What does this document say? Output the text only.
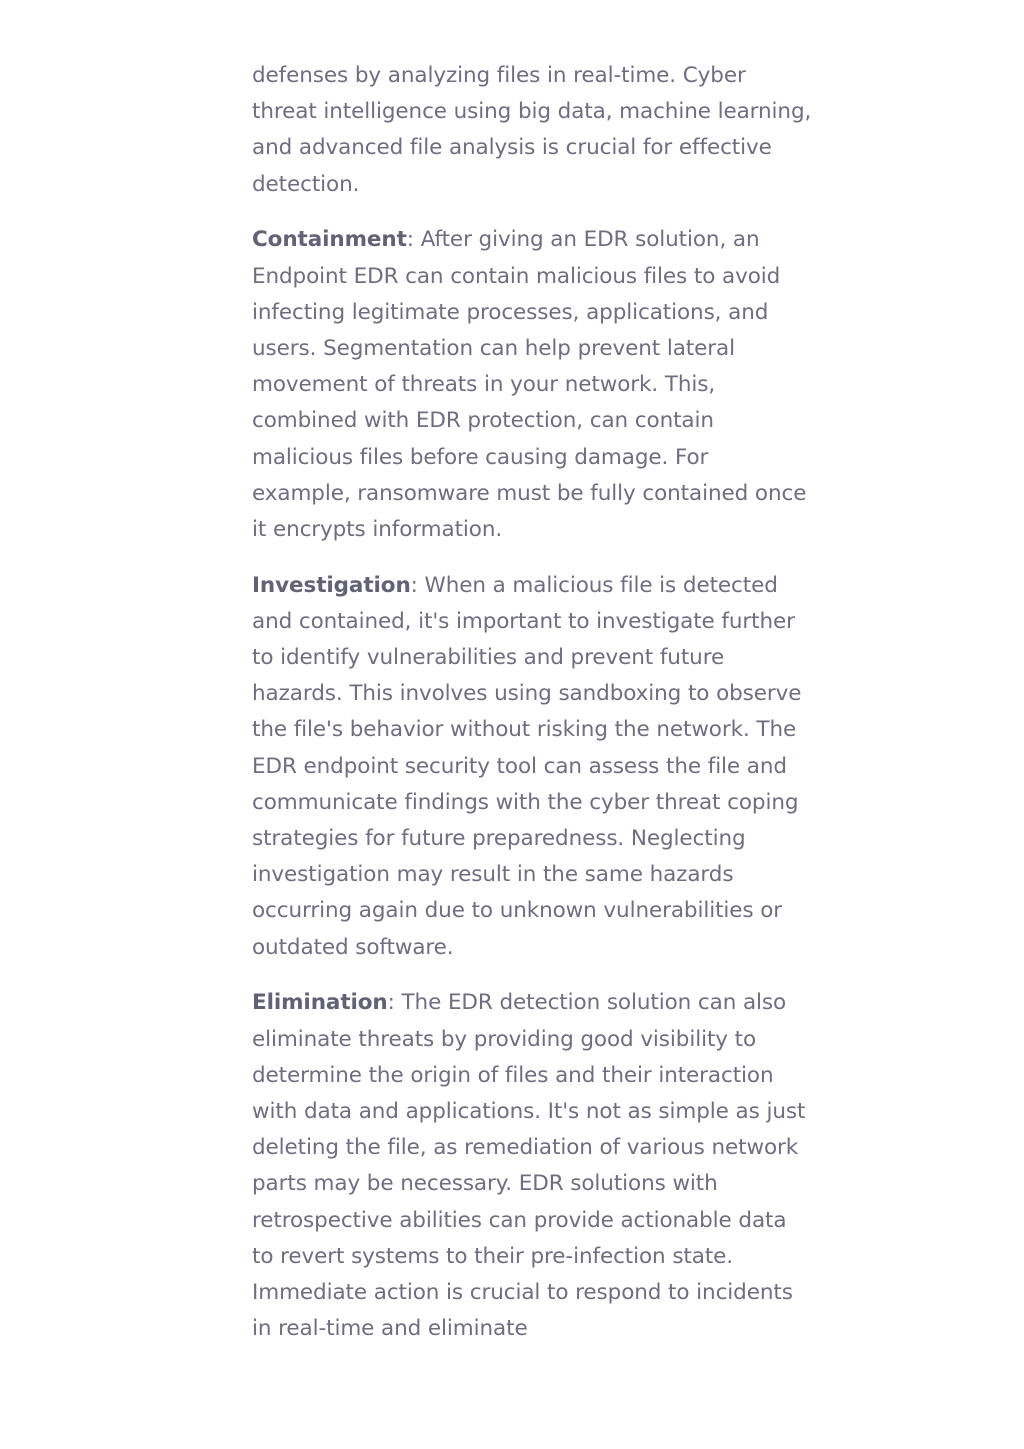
defenses by analyzing files in real-time. Cyber threat intelligence using big data, machine learning, and advanced file analysis is crucial for effective detection.

Containment: After giving an EDR solution, an Endpoint EDR can contain malicious files to avoid infecting legitimate processes, applications, and users. Segmentation can help prevent lateral movement of threats in your network. This, combined with EDR protection, can contain malicious files before causing damage. For example, ransomware must be fully contained once it encrypts information.

Investigation: When a malicious file is detected and contained, it's important to investigate further to identify vulnerabilities and prevent future hazards. This involves using sandboxing to observe the file's behavior without risking the network. The EDR endpoint security tool can assess the file and communicate findings with the cyber threat coping strategies for future preparedness. Neglecting investigation may result in the same hazards occurring again due to unknown vulnerabilities or outdated software.

Elimination: The EDR detection solution can also eliminate threats by providing good visibility to determine the origin of files and their interaction with data and applications. It's not as simple as just deleting the file, as remediation of various network parts may be necessary. EDR solutions with retrospective abilities can provide actionable data to revert systems to their pre-infection state. Immediate action is crucial to respond to incidents in real-time and eliminate
